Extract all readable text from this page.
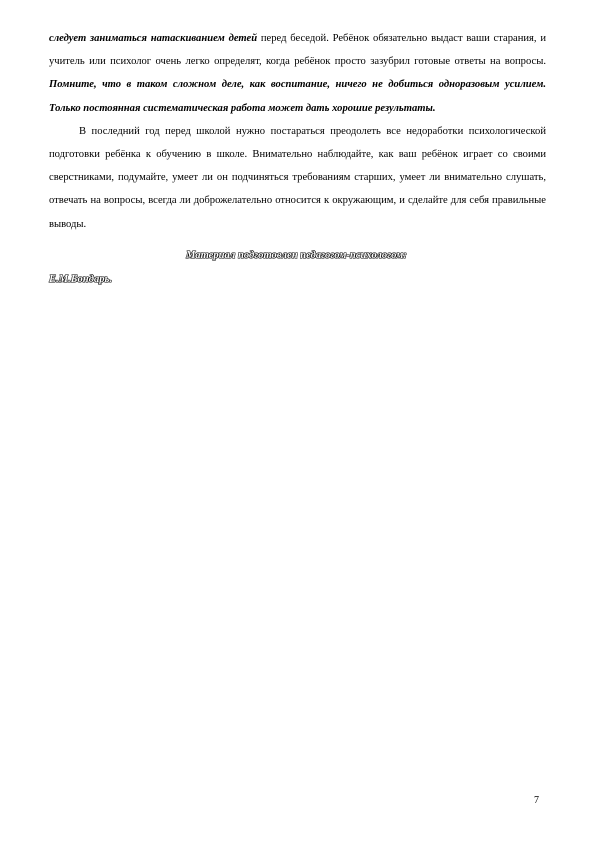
следует заниматься натаскиванием детей перед беседой. Ребёнок обязательно выдаст ваши старания, и учитель или психолог очень легко определят, когда ребёнок просто зазубрил готовые ответы на вопросы. Помните, что в таком сложном деле, как воспитание, ничего не добиться одноразовым усилием. Только постоянная систематическая работа может дать хорошие результаты.

В последний год перед школой нужно постараться преодолеть все недоработки психологической подготовки ребёнка к обучению в школе. Внимательно наблюдайте, как ваш ребёнок играет со своими сверстниками, подумайте, умеет ли он подчиняться требованиям старших, умеет ли внимательно слушать, отвечать на вопросы, всегда ли доброжелательно относится к окружающим, и сделайте для себя правильные выводы.

Материал подготовлен педагогом-психологом:
Е.М.Бондарь.
7
